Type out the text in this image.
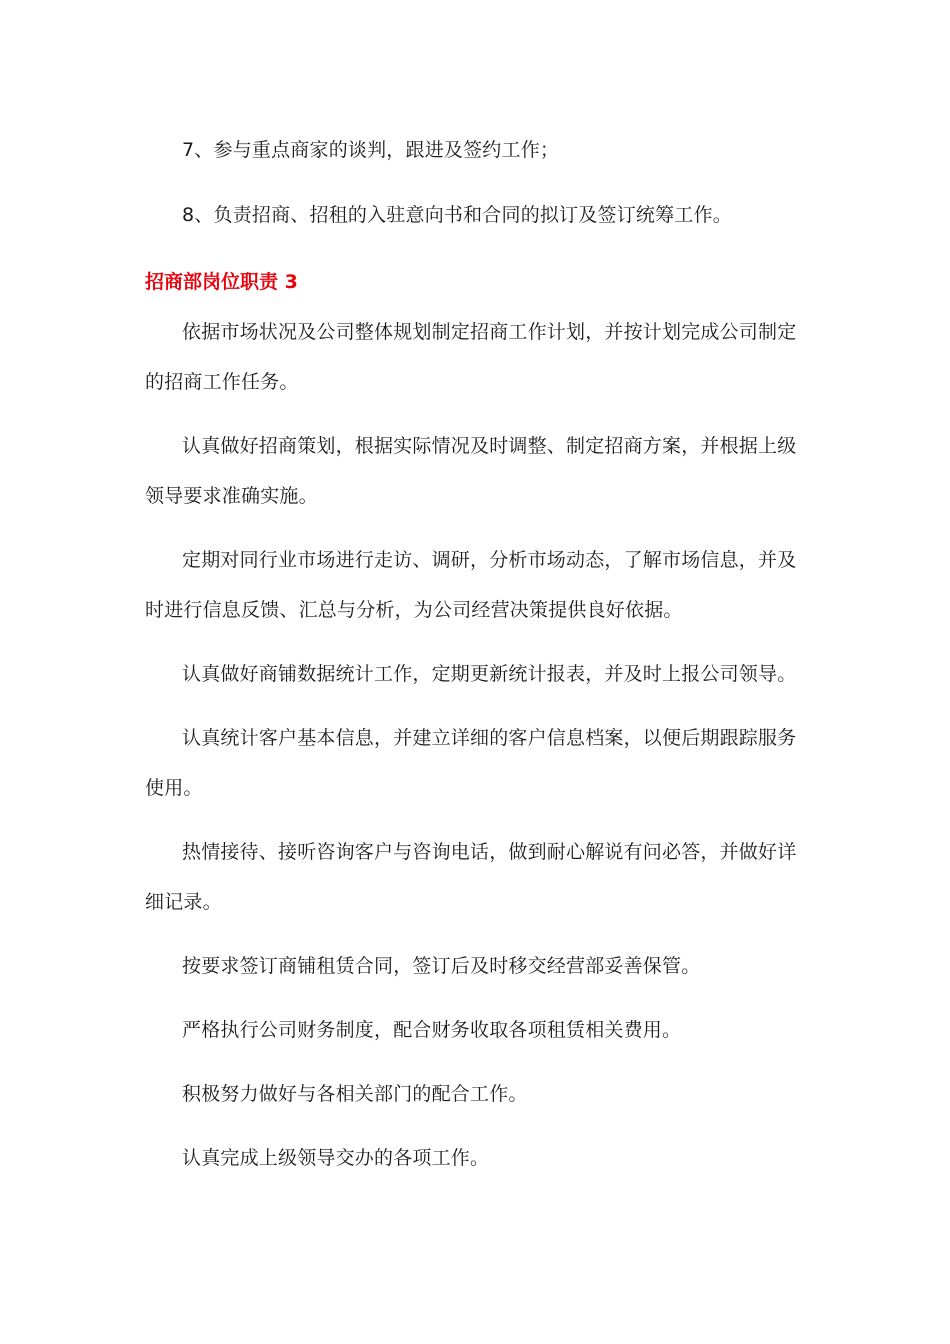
7、参与重点商家的谈判，跟进及签约工作；
8、负责招商、招租的入驻意向书和合同的拟订及签订统筹工作。
招商部岗位职责 3
依据市场状况及公司整体规划制定招商工作计划，并按计划完成公司制定
的招商工作任务。
认真做好招商策划，根据实际情况及时调整、制定招商方案，并根据上级
领导要求准确实施。
定期对同行业市场进行走访、调研，分析市场动态，了解市场信息，并及
时进行信息反馈、汇总与分析，为公司经营决策提供良好依据。
认真做好商铺数据统计工作，定期更新统计报表，并及时上报公司领导。
认真统计客户基本信息，并建立详细的客户信息档案，以便后期跟踪服务
使用。
热情接待、接听咨询客户与咨询电话，做到耐心解说有问必答，并做好详
细记录。
按要求签订商铺租赁合同，签订后及时移交经营部妥善保管。
严格执行公司财务制度，配合财务收取各项租赁相关费用。
积极努力做好与各相关部门的配合工作。
认真完成上级领导交办的各项工作。
